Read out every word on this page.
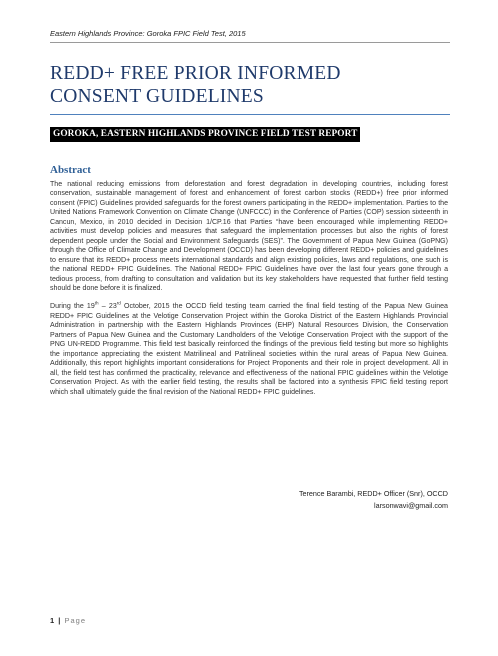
Eastern Highlands Province: Goroka FPIC Field Test, 2015
REDD+ FREE PRIOR INFORMED
CONSENT GUIDELINES
GOROKA, EASTERN HIGHLANDS PROVINCE FIELD TEST REPORT
Abstract

The national reducing emissions from deforestation and forest degradation in developing countries, including forest conservation, sustainable management of forest and enhancement of forest carbon stocks (REDD+) free prior informed consent (FPIC) Guidelines provided safeguards for the forest owners participating in the REDD+ implementation. Parties to the United Nations Framework Convention on Climate Change (UNFCCC) in the Conference of Parties (COP) session sixteenth in Cancun, Mexico, in 2010 decided in Decision 1/CP.16 that Parties “have been encouraged while implementing REDD+ activities must develop policies and measures that safeguard the implementation processes but also the rights of forest dependent people under the Social and Environment Safeguards (SES)”. The Government of Papua New Guinea (GoPNG) through the Office of Climate Change and Development (OCCD) has been developing different REDD+ policies and guidelines to ensure that its REDD+ process meets international standards and align existing policies, laws and regulations, one such is the national REDD+ FPIC Guidelines. The National REDD+ FPIC Guidelines have over the last four years gone through a tedious process, from drafting to consultation and validation but its key stakeholders have requested that further field testing should be done before it is finalized.

During the 19th – 23rd October, 2015 the OCCD field testing team carried the final field testing of the Papua New Guinea REDD+ FPIC Guidelines at the Velotige Conservation Project within the Goroka District of the Eastern Highlands Provincial Administration in partnership with the Eastern Highlands Provinces (EHP) Natural Resources Division, the Conservation Partners of Papua New Guinea and the Customary Landholders of the Velotige Conservation Project with the support of the PNG UN-REDD Programme. This field test basically reinforced the findings of the previous field testing but more so highlights the importance appreciating the existent Matrilineal and Patrilineal societies within the rural areas of Papua New Guinea. Additionally, this report highlights important considerations for Project Proponents and their role in project development. All in all, the field test has confirmed the practicality, relevance and effectiveness of the national FPIC guidelines within the Velotige Conservation Project. As with the earlier field testing, the results shall be factored into a synthesis FPIC field testing report which shall ultimately guide the final revision of the National REDD+ FPIC guidelines.

Terence Barambi, REDD+ Officer (Snr), OCCD
larsonwavi@gmail.com
1 | Page
